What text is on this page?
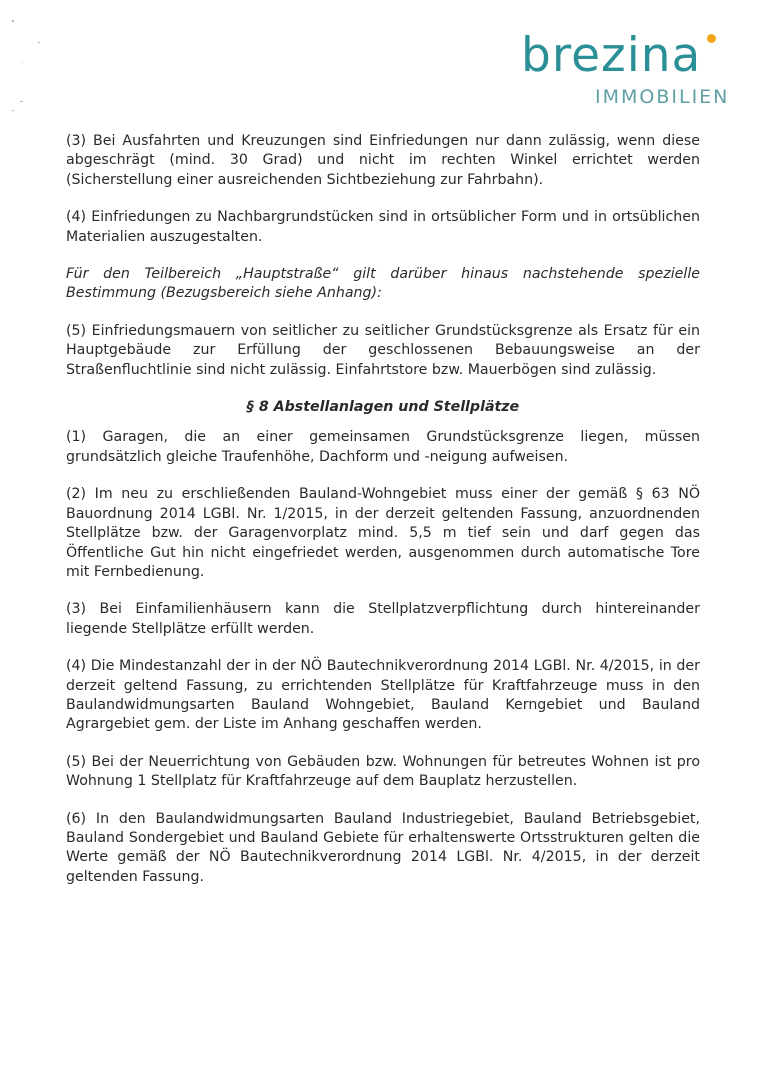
brezina
IMMOBILIEN

(3) Bei Ausfahrten und Kreuzungen sind Einfriedungen nur dann zulässig, wenn diese abgeschrägt (mind. 30 Grad) und nicht im rechten Winkel errichtet werden (Sicherstellung einer ausreichenden Sichtbeziehung zur Fahrbahn).

(4) Einfriedungen zu Nachbargrundstücken sind in ortsüblicher Form und in ortsüblichen Materialien auszugestalten.

Für den Teilbereich „Hauptstraße“ gilt darüber hinaus nachstehende spezielle Bestimmung (Bezugsbereich siehe Anhang):

(5) Einfriedungsmauern von seitlicher zu seitlicher Grundstücksgrenze als Ersatz für ein Hauptgebäude zur Erfüllung der geschlossenen Bebauungsweise an der Straßenfluchtlinie sind nicht zulässig. Einfahrtstore bzw. Mauerbögen sind zulässig.

§ 8 Abstellanlagen und Stellplätze

(1) Garagen, die an einer gemeinsamen Grundstücksgrenze liegen, müssen grundsätzlich gleiche Traufenhöhe, Dachform und -neigung aufweisen.

(2) Im neu zu erschließenden Bauland-Wohngebiet muss einer der gemäß § 63 NÖ Bauordnung 2014 LGBl. Nr. 1/2015, in der derzeit geltenden Fassung, anzuordnenden Stellplätze bzw. der Garagenvorplatz mind. 5,5 m tief sein und darf gegen das Öffentliche Gut hin nicht eingefriedet werden, ausgenommen durch automatische Tore mit Fernbedienung.

(3) Bei Einfamilienhäusern kann die Stellplatzverpflichtung durch hintereinander liegende Stellplätze erfüllt werden.

(4) Die Mindestanzahl der in der NÖ Bautechnikverordnung 2014 LGBl. Nr. 4/2015, in der derzeit geltend Fassung, zu errichtenden Stellplätze für Kraftfahrzeuge muss in den Baulandwidmungsarten Bauland Wohngebiet, Bauland Kerngebiet und Bauland Agrargebiet gem. der Liste im Anhang geschaffen werden.

(5) Bei der Neuerrichtung von Gebäuden bzw. Wohnungen für betreutes Wohnen ist pro Wohnung 1 Stellplatz für Kraftfahrzeuge auf dem Bauplatz herzustellen.

(6) In den Baulandwidmungsarten Bauland Industriegebiet, Bauland Betriebsgebiet, Bauland Sondergebiet und Bauland Gebiete für erhaltenswerte Ortsstrukturen gelten die Werte gemäß der NÖ Bautechnikverordnung 2014 LGBl. Nr. 4/2015, in der derzeit geltenden Fassung.
